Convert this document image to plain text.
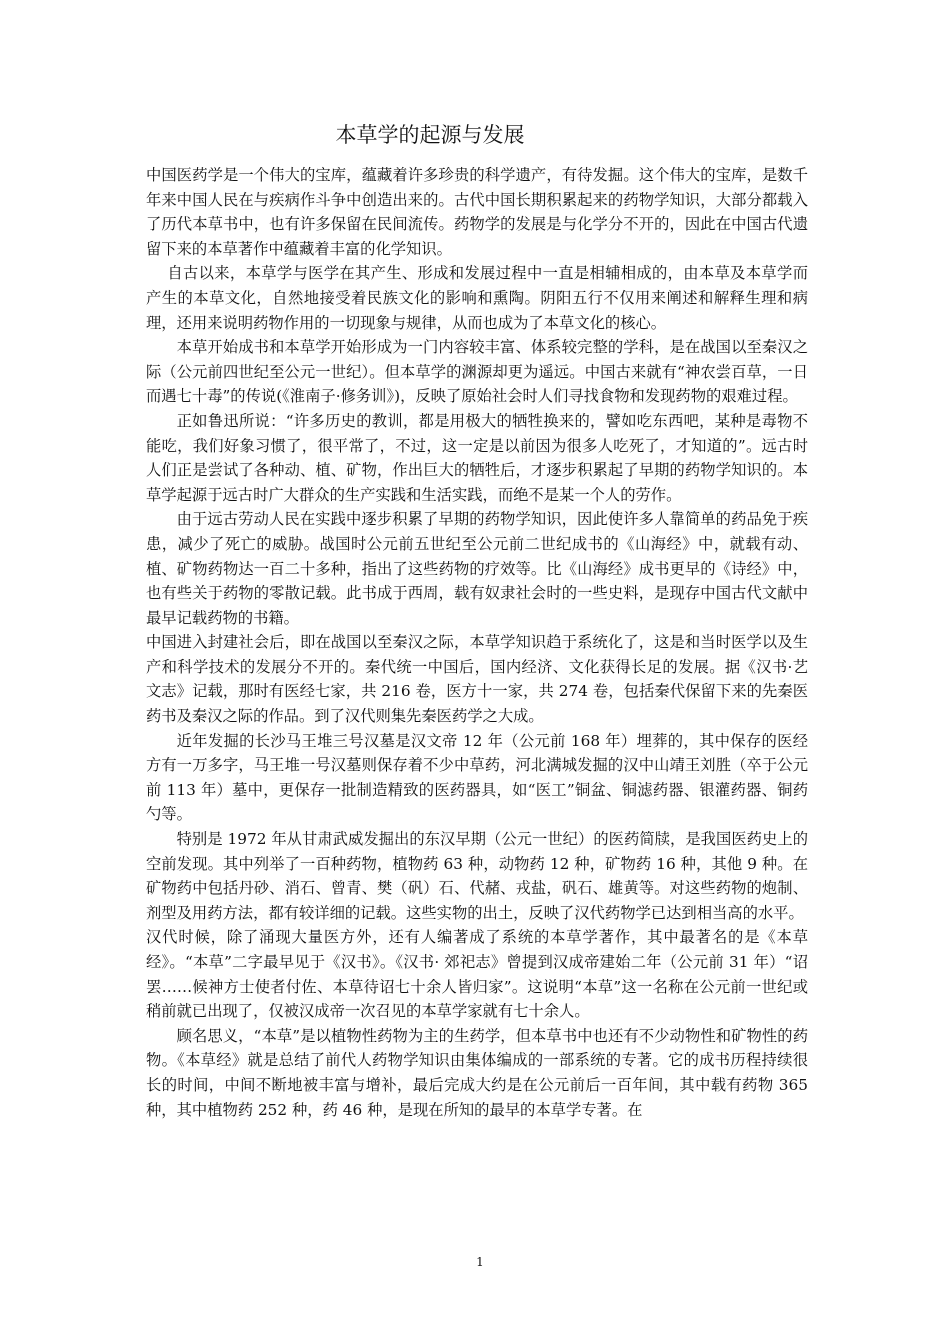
本草学的起源与发展

中国医药学是一个伟大的宝库，蕴藏着许多珍贵的科学遗产，有待发掘。这个伟大的宝库，是数千年来中国人民在与疾病作斗争中创造出来的。古代中国长期积累起来的药物学知识，大部分都载入了历代本草书中，也有许多保留在民间流传。药物学的发展是与化学分不开的，因此在中国古代遗留下来的本草著作中蕴藏着丰富的化学知识。

自古以来，本草学与医学在其产生、形成和发展过程中一直是相辅相成的，由本草及本草学而产生的本草文化，自然地接受着民族文化的影响和熏陶。阴阳五行不仅用来阐述和解释生理和病理，还用来说明药物作用的一切现象与规律，从而也成为了本草文化的核心。

本草开始成书和本草学开始形成为一门内容较丰富、体系较完整的学科，是在战国以至秦汉之际（公元前四世纪至公元一世纪）。但本草学的渊源却更为遥远。中国古来就有“神农尝百草，一日而遇七十毒”的传说(《淮南子·修务训》)，反映了原始社会时人们寻找食物和发现药物的艰难过程。

正如鲁迅所说：“许多历史的教训，都是用极大的牺牲换来的，譬如吃东西吧，某种是毒物不能吃，我们好象习惯了，很平常了，不过，这一定是以前因为很多人吃死了，才知道的”。远古时人们正是尝试了各种动、植、矿物，作出巨大的牺牲后，才逐步积累起了早期的药物学知识的。本草学起源于远古时广大群众的生产实践和生活实践，而绝不是某一个人的劳作。

由于远古劳动人民在实践中逐步积累了早期的药物学知识，因此使许多人靠简单的药品免于疾患，减少了死亡的威胁。战国时公元前五世纪至公元前二世纪成书的《山海经》中，就载有动、植、矿物药物达一百二十多种，指出了这些药物的疗效等。比《山海经》成书更早的《诗经》中，也有些关于药物的零散记载。此书成于西周，载有奴隶社会时的一些史料，是现存中国古代文献中最早记载药物的书籍。

中国进入封建社会后，即在战国以至秦汉之际，本草学知识趋于系统化了，这是和当时医学以及生产和科学技术的发展分不开的。秦代统一中国后，国内经济、文化获得长足的发展。据《汉书·艺文志》记载，那时有医经七家，共 216 卷，医方十一家，共 274 卷，包括秦代保留下来的先秦医药书及秦汉之际的作品。到了汉代则集先秦医药学之大成。

近年发掘的长沙马王堆三号汉墓是汉文帝 12 年（公元前 168 年）埋葬的，其中保存的医经方有一万多字，马王堆一号汉墓则保存着不少中草药，河北满城发掘的汉中山靖王刘胜（卒于公元前 113 年）墓中，更保存一批制造精致的医药器具，如“医工”铜盆、铜滤药器、银灌药器、铜药勺等。

特别是 1972 年从甘肃武威发掘出的东汉早期（公元一世纪）的医药简牍，是我国医药史上的空前发现。其中列举了一百种药物，植物药 63 种，动物药 12 种，矿物药 16 种，其他 9 种。在矿物药中包括丹砂、消石、曾青、樊（矾）石、代赭、戎盐，矾石、雄黄等。对这些药物的炮制、剂型及用药方法，都有较详细的记载。这些实物的出土，反映了汉代药物学已达到相当高的水平。

汉代时候，除了涌现大量医方外，还有人编著成了系统的本草学著作，其中最著名的是《本草经》。“本草”二字最早见于《汉书》。《汉书· 郊祀志》曾提到汉成帝建始二年（公元前 31 年）“诏罢……候神方士使者付佐、本草待诏七十余人皆归家”。这说明“本草”这一名称在公元前一世纪或稍前就已出现了，仅被汉成帝一次召见的本草学家就有七十余人。

顾名思义，“本草”是以植物性药物为主的生药学，但本草书中也还有不少动物性和矿物性的药物。《本草经》就是总结了前代人药物学知识由集体编成的一部系统的专著。它的成书历程持续很长的时间，中间不断地被丰富与增补，最后完成大约是在公元前后一百年间，其中载有药物 365 种，其中植物药 252 种，药 46 种，是现在所知的最早的本草学专著。在

1
